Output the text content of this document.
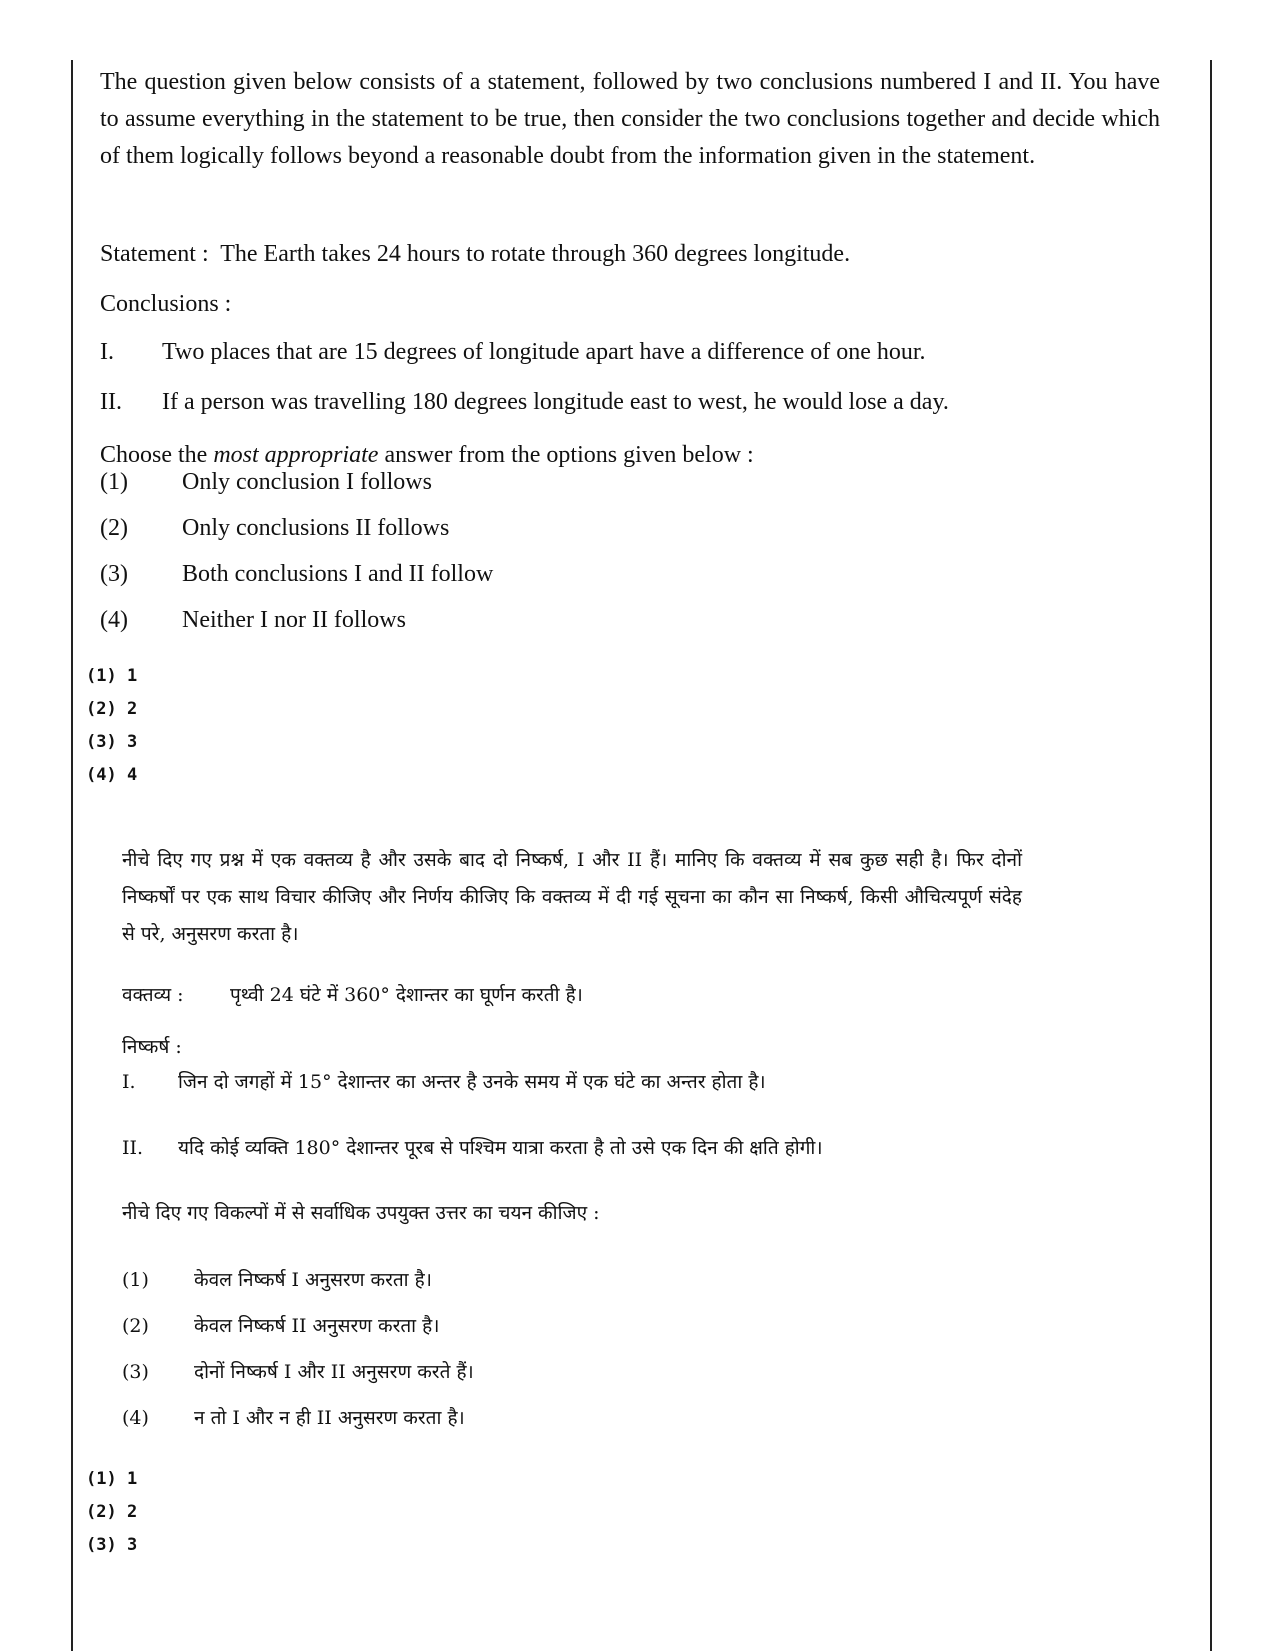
The question given below consists of a statement, followed by two conclusions numbered I and II. You have to assume everything in the statement to be true, then consider the two conclusions together and decide which of them logically follows beyond a reasonable doubt from the information given in the statement.
Statement : The Earth takes 24 hours to rotate through 360 degrees longitude.
Conclusions :
I. Two places that are 15 degrees of longitude apart have a difference of one hour.
II. If a person was travelling 180 degrees longitude east to west, he would lose a day.
Choose the most appropriate answer from the options given below :
(1) Only conclusion I follows
(2) Only conclusions II follows
(3) Both conclusions I and II follow
(4) Neither I nor II follows
(1) 1
(2) 2
(3) 3
(4) 4
नीचे दिए गए प्रश्न में एक वक्तव्य है और उसके बाद दो निष्कर्ष, I और II हैं। मानिए कि वक्तव्य में सब कुछ सही है। फिर दोनों निष्कर्षों पर एक साथ विचार कीजिए और निर्णय कीजिए कि वक्तव्य में दी गई सूचना का कौन सा निष्कर्ष, किसी औचित्यपूर्ण संदेह से परे, अनुसरण करता है।
वक्तव्य : पृथ्वी 24 घंटे में 360° देशान्तर का घूर्णन करती है।
निष्कर्ष :
I. जिन दो जगहों में 15° देशान्तर का अन्तर है उनके समय में एक घंटे का अन्तर होता है।
II. यदि कोई व्यक्ति 180° देशान्तर पूरब से पश्चिम यात्रा करता है तो उसे एक दिन की क्षति होगी।
नीचे दिए गए विकल्पों में से सर्वाधिक उपयुक्त उत्तर का चयन कीजिए :
(1) केवल निष्कर्ष I अनुसरण करता है।
(2) केवल निष्कर्ष II अनुसरण करता है।
(3) दोनों निष्कर्ष I और II अनुसरण करते हैं।
(4) न तो I और न ही II अनुसरण करता है।
(1) 1
(2) 2
(3) 3
